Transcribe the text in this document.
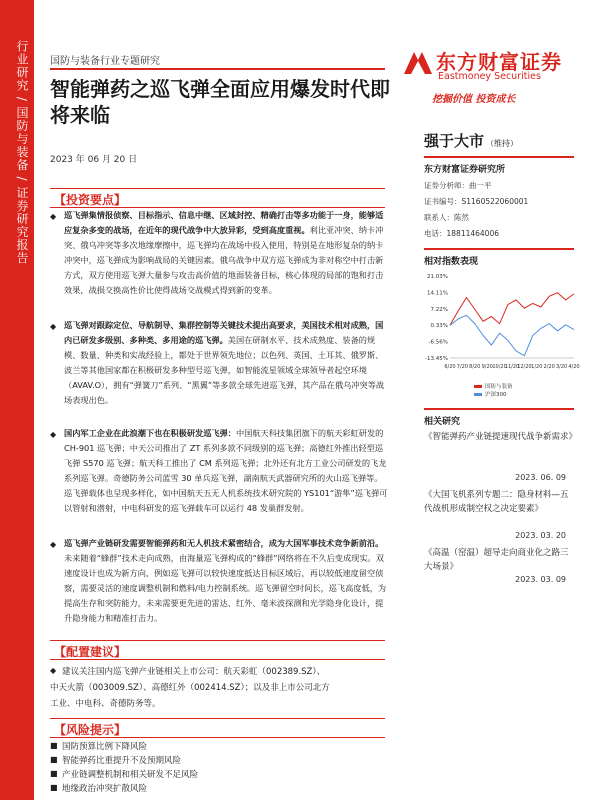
行业研究 / 国防与装备 / 证券研究报告 国防与装备行业专题研究
智能弹药之巡飞弹全面应用爆发时代即将来临
2023 年 06 月 20 日
东方财富证券
Eastmoney Securities
挖掘价值 投资成长
强于大市 （维持）
东方财富证券研究所
证券分析师：曲一平
证书编号：S1160522060001
联系人：陈然
电话：18811464006
相对指数表现
21.03%
14.11%
7.22%
0.33%
-6.56%
-13.45%
6/20 7/20 8/20 9/20 10/20
11/20
12/20 1/20 2/20 3/20 4/20
国防与装备
沪深300
相关研究
《智能弹药产业链提速现代战争新需求》
2023. 06. 09
《大国飞机系列专题二：隐身材料—五代战机形成制空权之决定要素》
2023. 03. 20
《高温（窑温）超导走向商业化之路三大场景》
2023. 03. 09
【投资要点】
◆ 巡飞弹集情报侦察、目标指示、信息中继、区域封控、精确打击等多功能于一身，能够适应复杂多变的战场，在近年的现代战争中大放异彩，受到高度重视。利比亚冲突、纳卡冲突、俄乌冲突等多次地缘摩擦中，巡飞弹均在战场中投入使用，特别是在地形复杂的纳卡冲突中，巡飞弹成为影响战局的关键因素。俄乌战争中双方巡飞弹成为非对称空中打击新方式，双方使用巡飞弹大量参与攻击高价值的地面装备目标，核心体现的局部的饱和打击效果，战损交换高性价比使得战场交战模式得到新的变革。
◆ 巡飞弹对跟踪定位、导航制导、集群控制等关键技术提出高要求，美国技术相对成熟，国内已研发多级别、多种类、多用途的巡飞弹。美国在研制水平、技术成熟度、装备的规模、数量、种类和实战经验上，都处于世界领先地位；以色列、英国、土耳其、俄罗斯、波兰等其他国家都在积极研发多种型号巡飞弹，如智能流星领域全球领导者起空环境（AVAV.O），拥有“弹簧刀”系列、“黑翼”等多款全球先进巡飞弹，其产品在俄乌冲突等战场表现出色。
◆ 国内军工企业在此浪潮下也在积极研发巡飞弹：中国航天科技集团旗下的航天彩虹研发的 CH-901 巡飞弹；中天公司推出了 ZT 系列多款不同级别的巡飞弹；高德红外推出轻型巡飞弹 S570 巡飞弹；航天科工推出了 CM 系列巡飞弹；北外还有北方工业公司研发的飞龙系列巡飞弹。奇德防务公司蓝雪 30 单兵巡飞弹，湖南航天武器研究所的火山巡飞弹等。巡飞弹载体也呈现多样化，如中国航天五无人机系统技术研究院的 YS101“游隼”巡飞弹可以管射和潜射，中电科研发的巡飞弹载车可以运行 48 发巢群发射。
◆ 巡飞弹产业链研发需要智能弹药和无人机技术紧密结合，成为大国军事技术竞争新前沿。未来随着“蜂群”技术走向成熟，由海量巡飞弹构成的“蜂群”网络将在不久后变成现实。双速度设计也成为新方向，例如巡飞弹可以较快速度抵达目标区域后，再以较低速度留空侦察，需要灵活的速度调整机制和燃料/电力控制系统。巡飞弹留空时间长，巡飞高度低，为提高生存和突防能力，未来需要更先进的雷达、红外、毫米波探测和光学隐身化设计，提升隐身能力和精准打击力。
【配置建议】
◆ 建议关注国内巡飞弹产业链相关上市公司：航天彩虹（002389.SZ）、
中天火箭（003009.SZ）、高德红外（002414.SZ）；以及非上市公司北方
工业、中电科、奇德防务等。
【风险提示】
■ 国防预算比例下降风险
■ 智能弹药比重提升不及预期风险
■ 产业链调整机制和相关研发不足风险
■ 地缘政治冲突扩散风险
